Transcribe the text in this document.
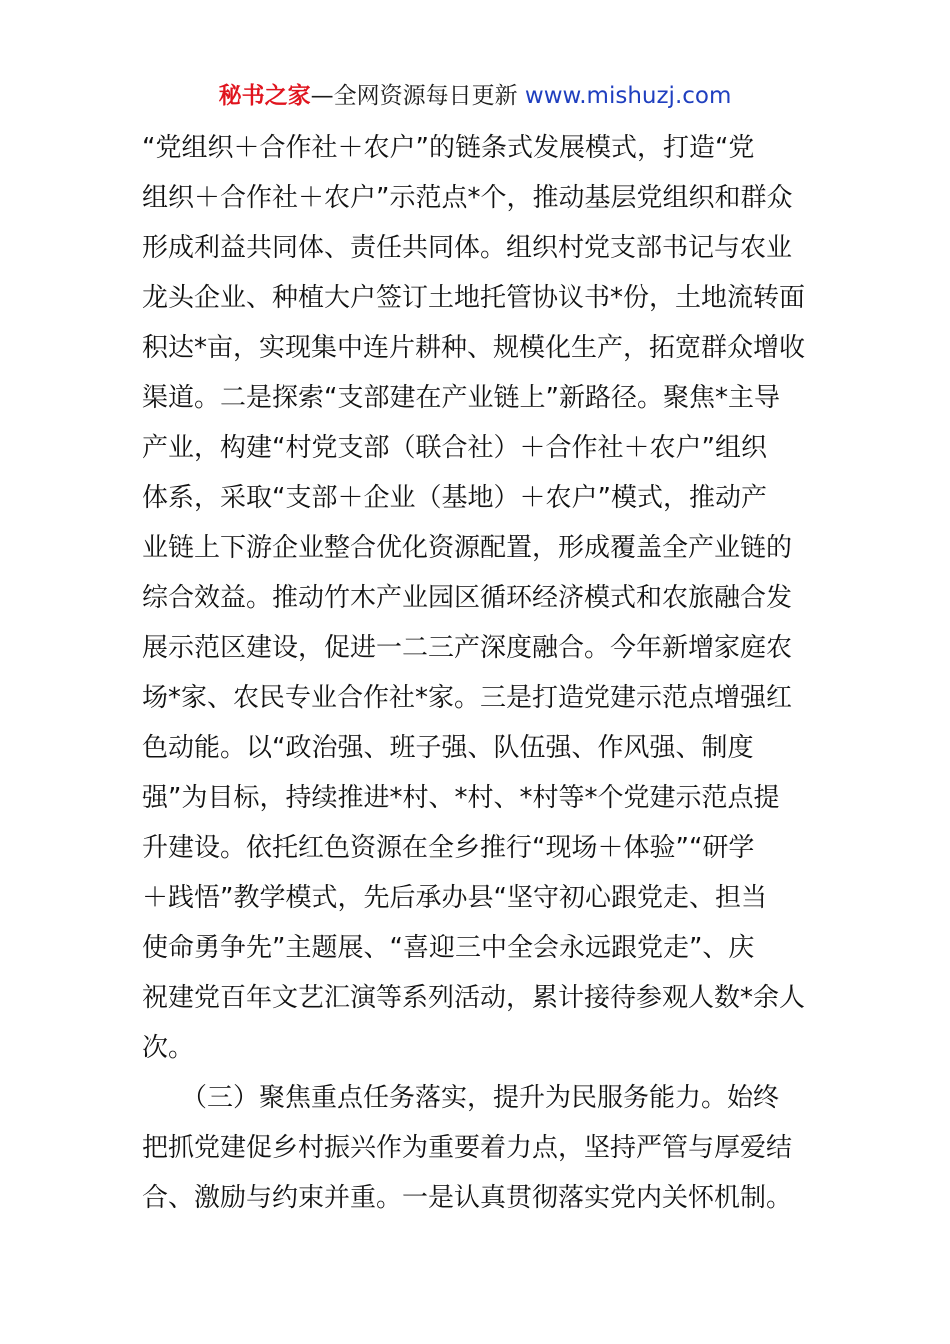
秘书之家—全网资源每日更新 www.mishuzj.com
“党组织＋合作社＋农户”的链条式发展模式，打造“党
组织＋合作社＋农户”示范点*个，推动基层党组织和群众
形成利益共同体、责任共同体。组织村党支部书记与农业
龙头企业、种植大户签订土地托管协议书*份，土地流转面
积达*亩，实现集中连片耕种、规模化生产，拓宽群众增收
渠道。二是探索“支部建在产业链上”新路径。聚焦*主导
产业，构建“村党支部（联合社）＋合作社＋农户”组织
体系，采取“支部＋企业（基地）＋农户”模式，推动产
业链上下游企业整合优化资源配置，形成覆盖全产业链的
综合效益。推动竹木产业园区循环经济模式和农旅融合发
展示范区建设，促进一二三产深度融合。今年新增家庭农
场*家、农民专业合作社*家。三是打造党建示范点增强红
色动能。以“政治强、班子强、队伍强、作风强、制度
强”为目标，持续推进*村、*村、*村等*个党建示范点提
升建设。依托红色资源在全乡推行“现场＋体验”“研学
＋践悟”教学模式，先后承办县“坚守初心跟党走、担当
使命勇争先”主题展、“喜迎三中全会永远跟党走”、庆
祝建党百年文艺汇演等系列活动，累计接待参观人数*余人
次。
　　（三）聚焦重点任务落实，提升为民服务能力。始终
把抓党建促乡村振兴作为重要着力点，坚持严管与厚爱结
合、激励与约束并重。一是认真贯彻落实党内关怀机制。
